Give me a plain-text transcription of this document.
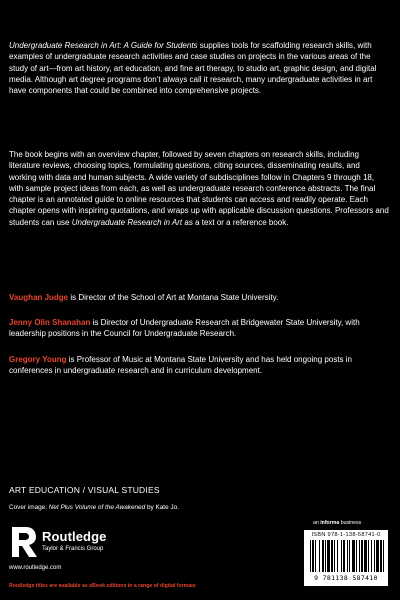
Undergraduate Research in Art: A Guide for Students supplies tools for scaffolding research skills, with examples of undergraduate research activities and case studies on projects in the various areas of the study of art—from art history, art education, and fine art therapy, to studio art, graphic design, and digital media. Although art degree programs don’t always call it research, many undergraduate activities in art have components that could be combined into comprehensive projects.
The book begins with an overview chapter, followed by seven chapters on research skills, including literature reviews, choosing topics, formulating questions, citing sources, disseminating results, and working with data and human subjects. A wide variety of subdisciplines follow in Chapters 9 through 18, with sample project ideas from each, as well as undergraduate research conference abstracts. The final chapter is an annotated guide to online resources that students can access and readily operate. Each chapter opens with inspiring quotations, and wraps up with applicable discussion questions. Professors and students can use Undergraduate Research in Art as a text or a reference book.
Vaughan Judge is Director of the School of Art at Montana State University.
Jenny Olin Shanahan is Director of Undergraduate Research at Bridgewater State University, with leadership positions in the Council for Undergraduate Research.
Gregory Young is Professor of Music at Montana State University and has held ongoing posts in conferences in undergraduate research and in curriculum development.
ART EDUCATION / VISUAL STUDIES
Cover image: Net Plus Volume of the Awakened by Kate Jo.
an informa business
Routledge
Taylor & Francis Group
www.routledge.com
ISBN 978-1-138-58741-0
9 781138 587410
Routledge titles are available as eBook editions in a range of digital formats
